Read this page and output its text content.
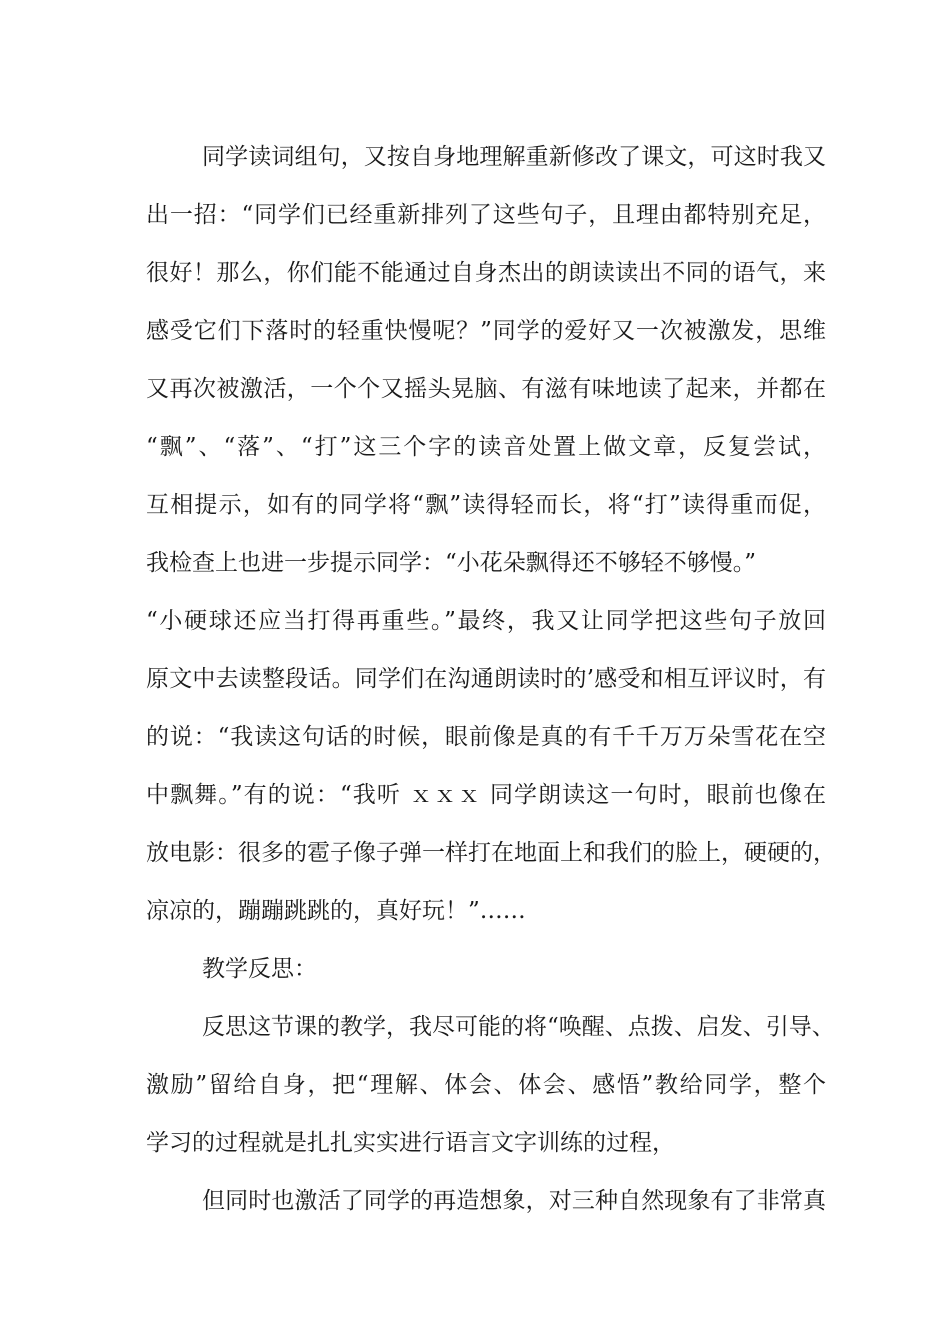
同学读词组句，又按自身地理解重新修改了课文，可这时我又
出一招：“同学们已经重新排列了这些句子，且理由都特别充足，
很好！那么，你们能不能通过自身杰出的朗读读出不同的语气，来
感受它们下落时的轻重快慢呢？”同学的爱好又一次被激发，思维
又再次被激活，一个个又摇头晃脑、有滋有味地读了起来，并都在
“飘”、“落”、“打”这三个字的读音处置上做文章，反复尝试，
互相提示，如有的同学将“飘”读得轻而长，将“打”读得重而促，
我检查上也进一步提示同学：“小花朵飘得还不够轻不够慢。”
“小硬球还应当打得再重些。”最终，我又让同学把这些句子放回
原文中去读整段话。同学们在沟通朗读时的’感受和相互评议时，有
的说：“我读这句话的时候，眼前像是真的有千千万万朵雪花在空
中飘舞。”有的说：“我听 ｘｘｘ 同学朗读这一句时，眼前也像在
放电影：很多的雹子像子弹一样打在地面上和我们的脸上，硬硬的，
凉凉的，蹦蹦跳跳的，真好玩！”……
教学反思：
反思这节课的教学，我尽可能的将“唤醒、点拨、启发、引导、
激励”留给自身，把“理解、体会、体会、感悟”教给同学，整个
学习的过程就是扎扎实实进行语言文字训练的过程，
但同时也激活了同学的再造想象，对三种自然现象有了非常真
